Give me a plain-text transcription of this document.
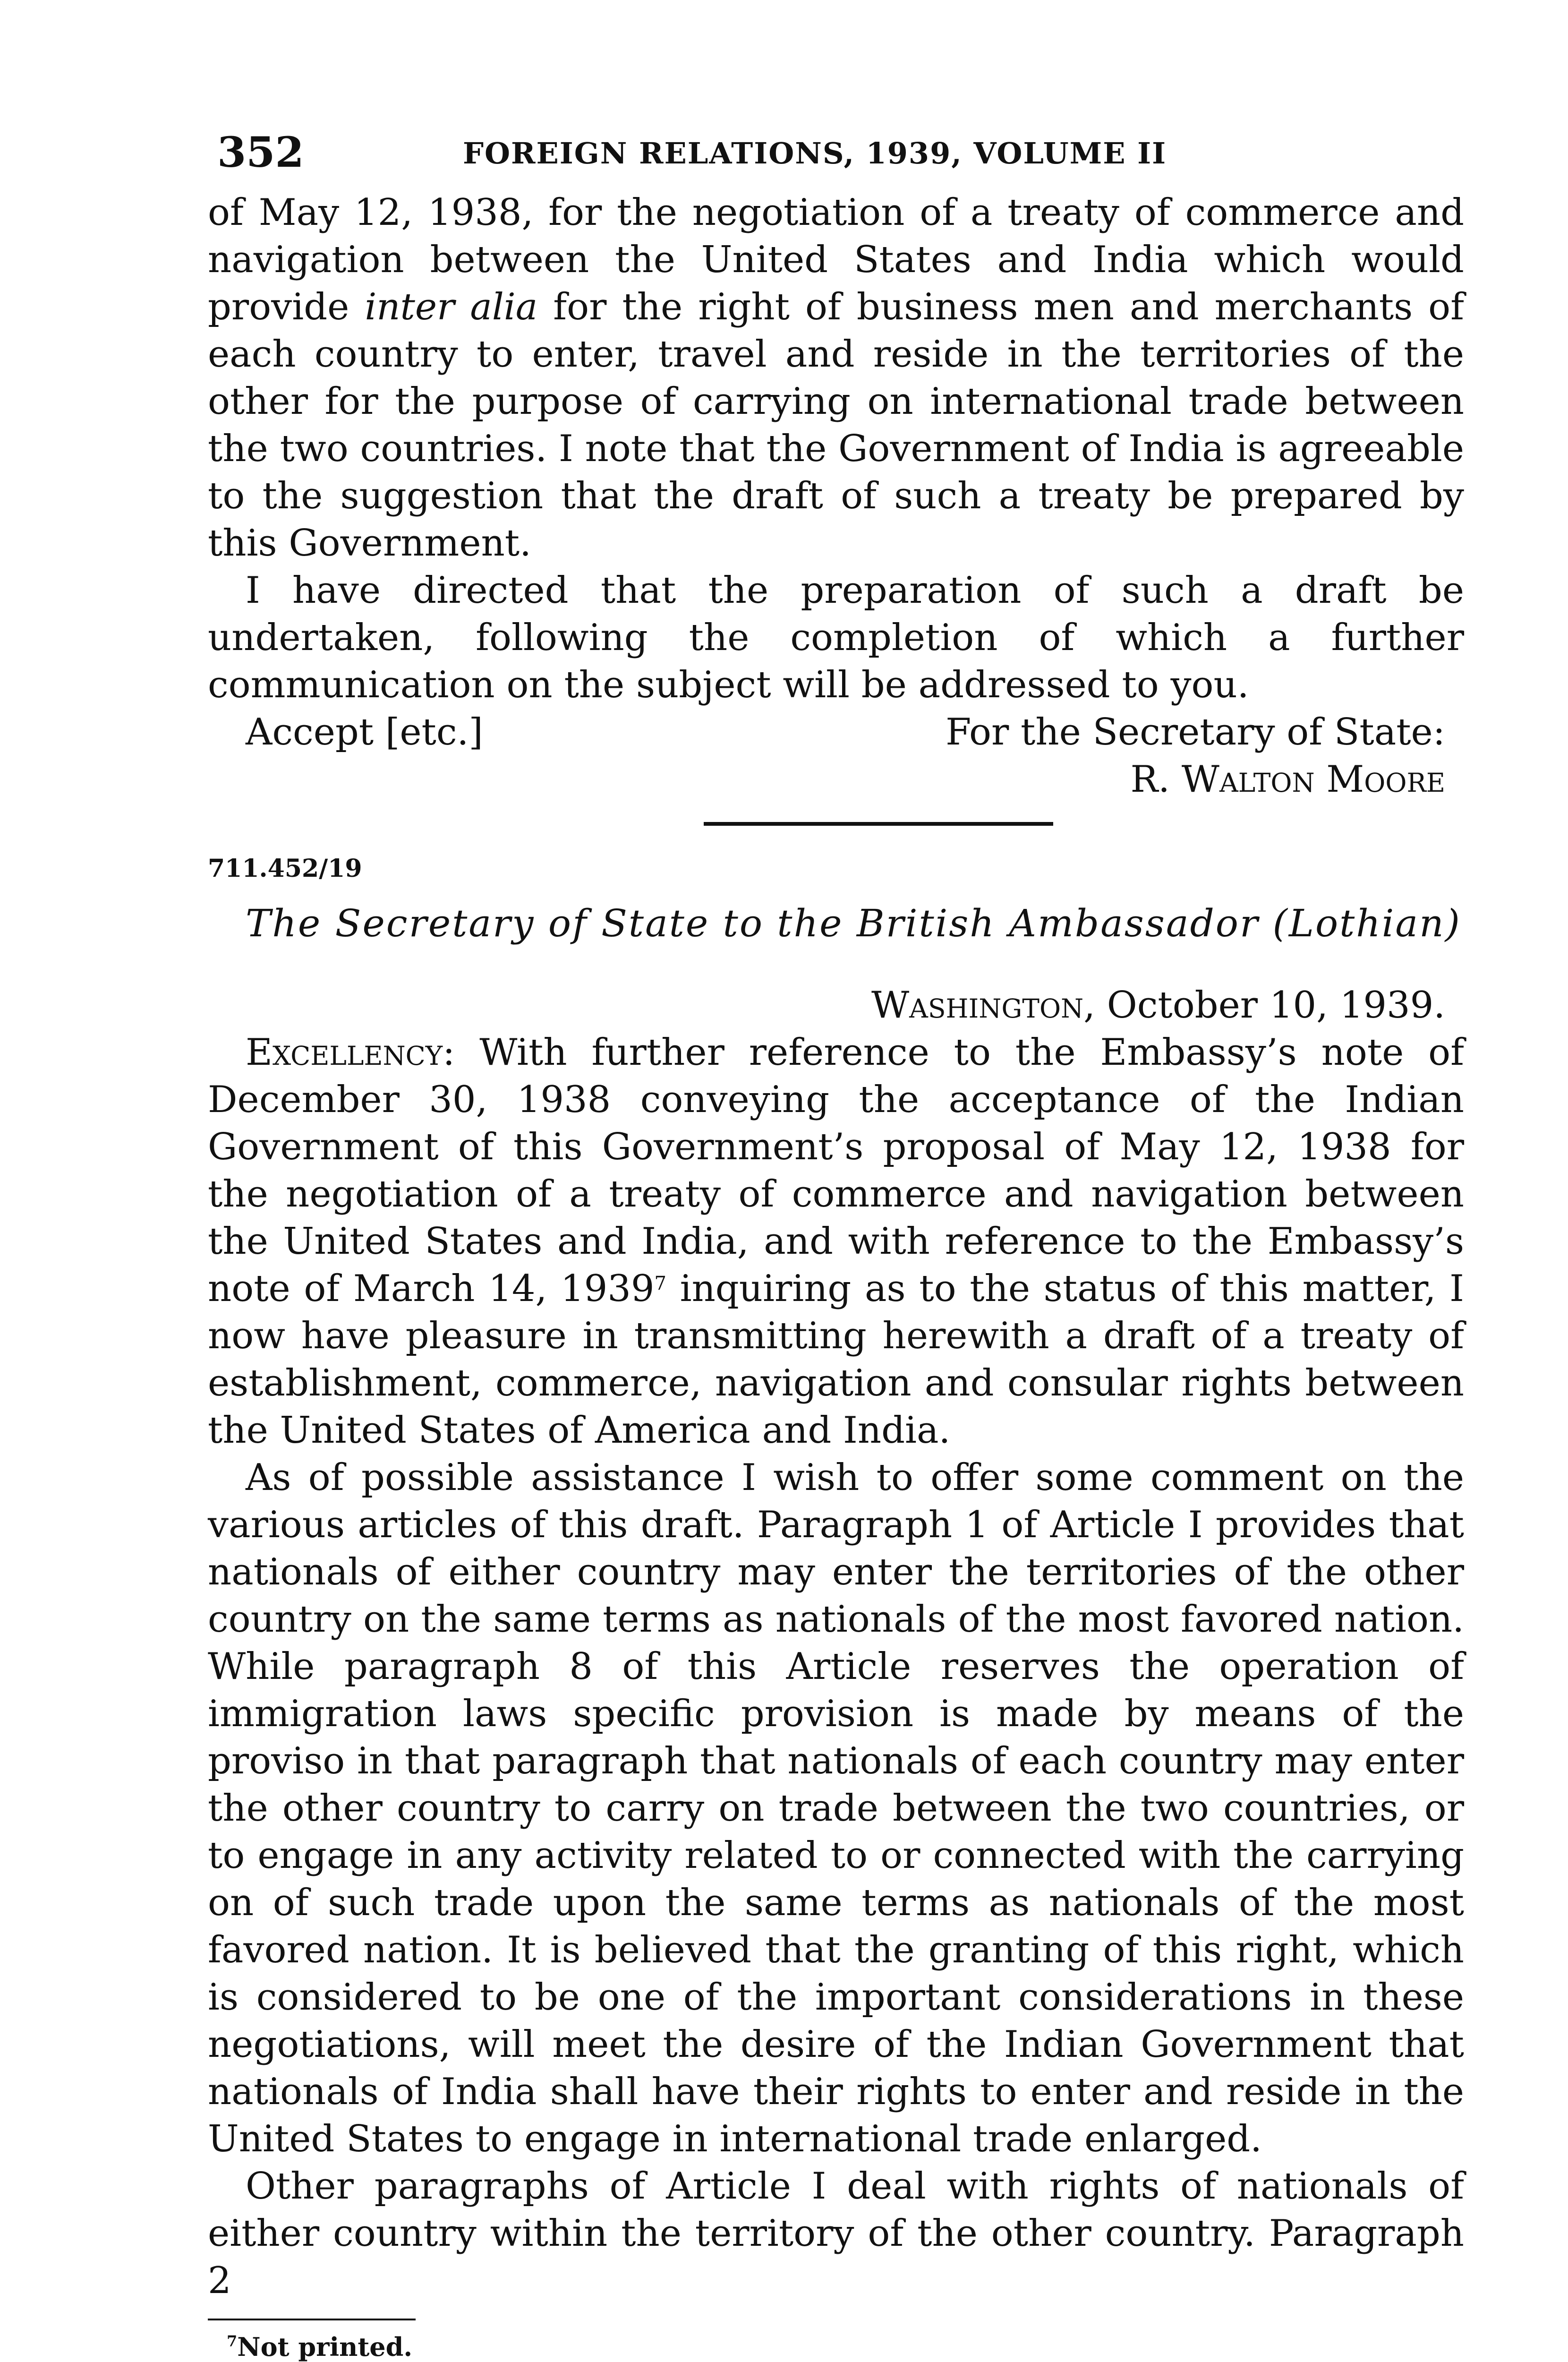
352	FOREIGN RELATIONS, 1939, VOLUME II

of May 12, 1938, for the negotiation of a treaty of commerce and navigation between the United States and India which would provide inter alia for the right of business men and merchants of each country to enter, travel and reside in the territories of the other for the purpose of carrying on international trade between the two countries. I note that the Government of India is agreeable to the suggestion that the draft of such a treaty be prepared by this Government.

I have directed that the preparation of such a draft be undertaken, following the completion of which a further communication on the subject will be addressed to you.

Accept [etc.]	For the Secretary of State:
R. Walton Moore
711.452/19
The Secretary of State to the British Ambassador (Lothian)
Washington, October 10, 1939.

Excellency: With further reference to the Embassy’s note of December 30, 1938 conveying the acceptance of the Indian Government of this Government’s proposal of May 12, 1938 for the negotiation of a treaty of commerce and navigation between the United States and India, and with reference to the Embassy’s note of March 14, 1939$^7$ inquiring as to the status of this matter, I now have pleasure in transmitting herewith a draft of a treaty of establishment, commerce, navigation and consular rights between the United States of America and India.

As of possible assistance I wish to offer some comment on the various articles of this draft. Paragraph 1 of Article I provides that nationals of either country may enter the territories of the other country on the same terms as nationals of the most favored nation. While paragraph 8 of this Article reserves the operation of immigration laws specific provision is made by means of the proviso in that paragraph that nationals of each country may enter the other country to carry on trade between the two countries, or to engage in any activity related to or connected with the carrying on of such trade upon the same terms as nationals of the most favored nation. It is believed that the granting of this right, which is considered to be one of the important considerations in these negotiations, will meet the desire of the Indian Government that nationals of India shall have their rights to enter and reside in the United States to engage in international trade enlarged.

Other paragraphs of Article I deal with rights of nationals of either country within the territory of the other country. Paragraph 2

$^7$Not printed.
